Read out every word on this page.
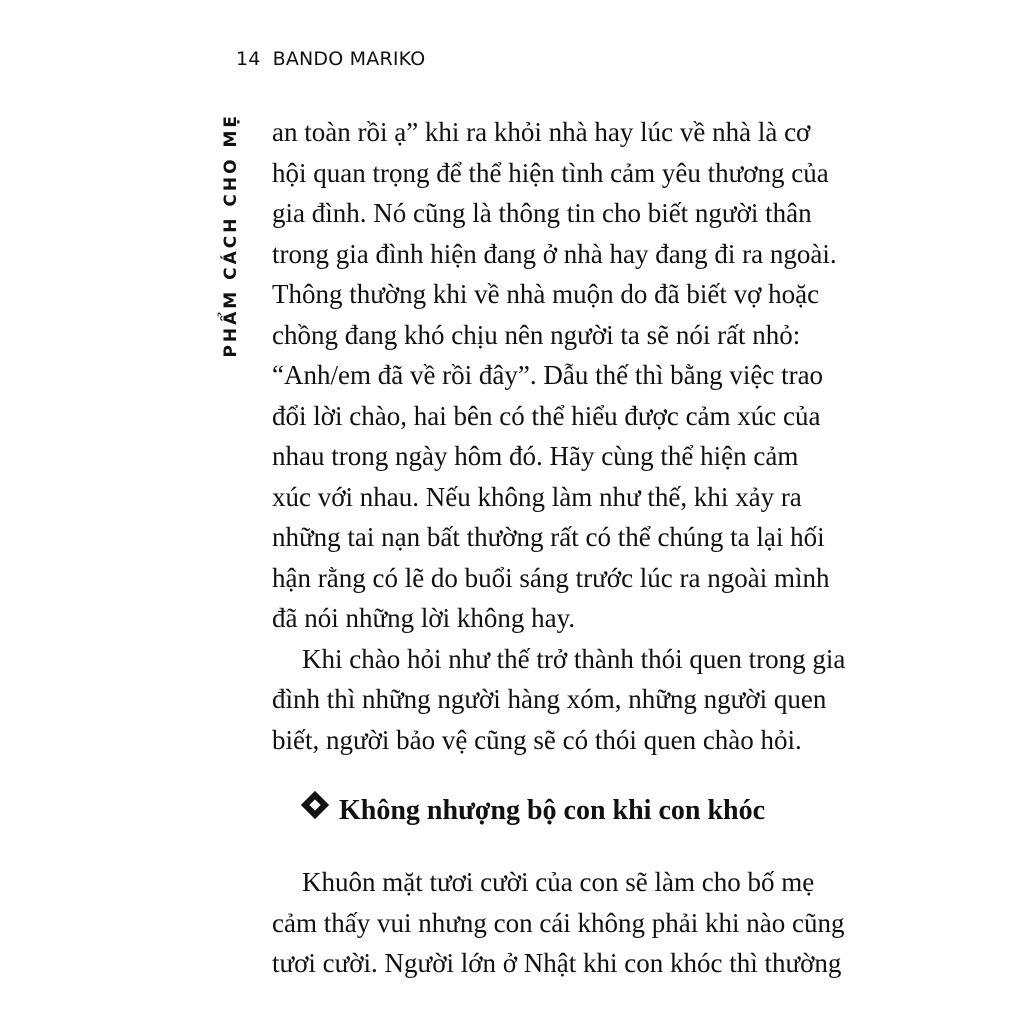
14 BANDO MARIKO
PHẨM CÁCH CHO MẸ an toàn rồi ạ” khi ra khỏi nhà hay lúc về nhà là cơ
hội quan trọng để thể hiện tình cảm yêu thương của
gia đình. Nó cũng là thông tin cho biết người thân
trong gia đình hiện đang ở nhà hay đang đi ra ngoài.
Thông thường khi về nhà muộn do đã biết vợ hoặc
chồng đang khó chịu nên người ta sẽ nói rất nhỏ:
“Anh/em đã về rồi đây”. Dẫu thế thì bằng việc trao
đổi lời chào, hai bên có thể hiểu được cảm xúc của
nhau trong ngày hôm đó. Hãy cùng thể hiện cảm
xúc với nhau. Nếu không làm như thế, khi xảy ra
những tai nạn bất thường rất có thể chúng ta lại hối
hận rằng có lẽ do buổi sáng trước lúc ra ngoài mình
đã nói những lời không hay.
Khi chào hỏi như thế trở thành thói quen trong gia
đình thì những người hàng xóm, những người quen
biết, người bảo vệ cũng sẽ có thói quen chào hỏi.
Không nhượng bộ con khi con khóc
Khuôn mặt tươi cười của con sẽ làm cho bố mẹ
cảm thấy vui nhưng con cái không phải khi nào cũng
tươi cười. Người lớn ở Nhật khi con khóc thì thường
